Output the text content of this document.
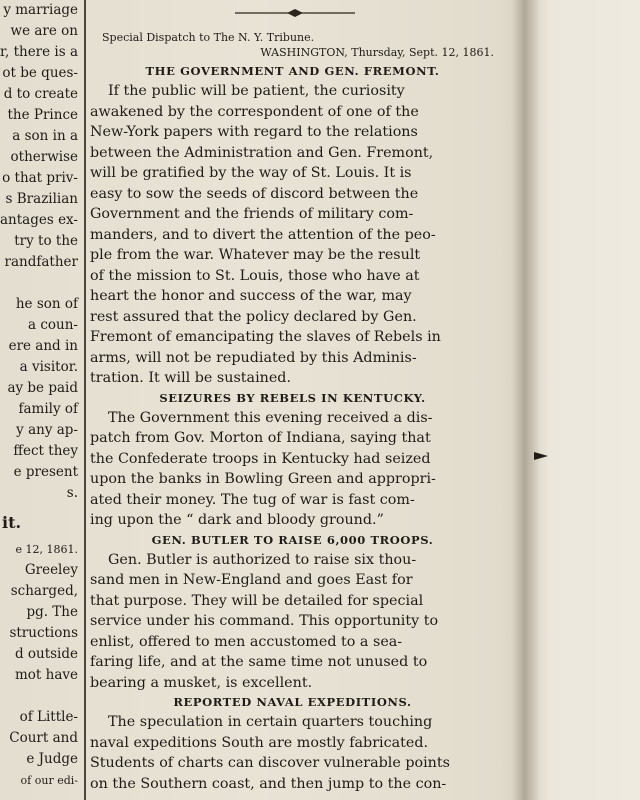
y marriage
we are on
r, there is a
ot be ques-
d to create
the Prince
a son in a
otherwise
o that priv-
s Brazilian
antages ex-
try to the
randfather
he son of
a coun-
ere and in
a visitor.
ay be paid
family of
y any ap-
ffect they
e present
s.
it.
e 12, 1861.
Greeley
scharged,
pg. The
structions
d outside
mot have
of Little-
Court and
e Judge
of our edi-
Special Dispatch to The N. Y. Tribune.
WASHINGTON, Thursday, Sept. 12, 1861.
THE GOVERNMENT AND GEN. FREMONT.
If the public will be patient, the curiosity
awakened by the correspondent of one of the
New-York papers with regard to the relations
between the Administration and Gen. Fremont,
will be gratified by the way of St. Louis. It is
easy to sow the seeds of discord between the
Government and the friends of military com-
manders, and to divert the attention of the peo-
ple from the war. Whatever may be the result
of the mission to St. Louis, those who have at
heart the honor and success of the war, may
rest assured that the policy declared by Gen.
Fremont of emancipating the slaves of Rebels in
arms, will not be repudiated by this Adminis-
tration. It will be sustained.
SEIZURES BY REBELS IN KENTUCKY.
The Government this evening received a dis-
patch from Gov. Morton of Indiana, saying that
the Confederate troops in Kentucky had seized
upon the banks in Bowling Green and appropri-
ated their money. The tug of war is fast com-
ing upon the “ dark and bloody ground.”
GEN. BUTLER TO RAISE 6,000 TROOPS.
Gen. Butler is authorized to raise six thou-
sand men in New-England and goes East for
that purpose. They will be detailed for special
service under his command. This opportunity to
enlist, offered to men accustomed to a sea-
faring life, and at the same time not unused to
bearing a musket, is excellent.
REPORTED NAVAL EXPEDITIONS.
The speculation in certain quarters touching
naval expeditions South are mostly fabricated.
Students of charts can discover vulnerable points
on the Southern coast, and then jump to the con-
